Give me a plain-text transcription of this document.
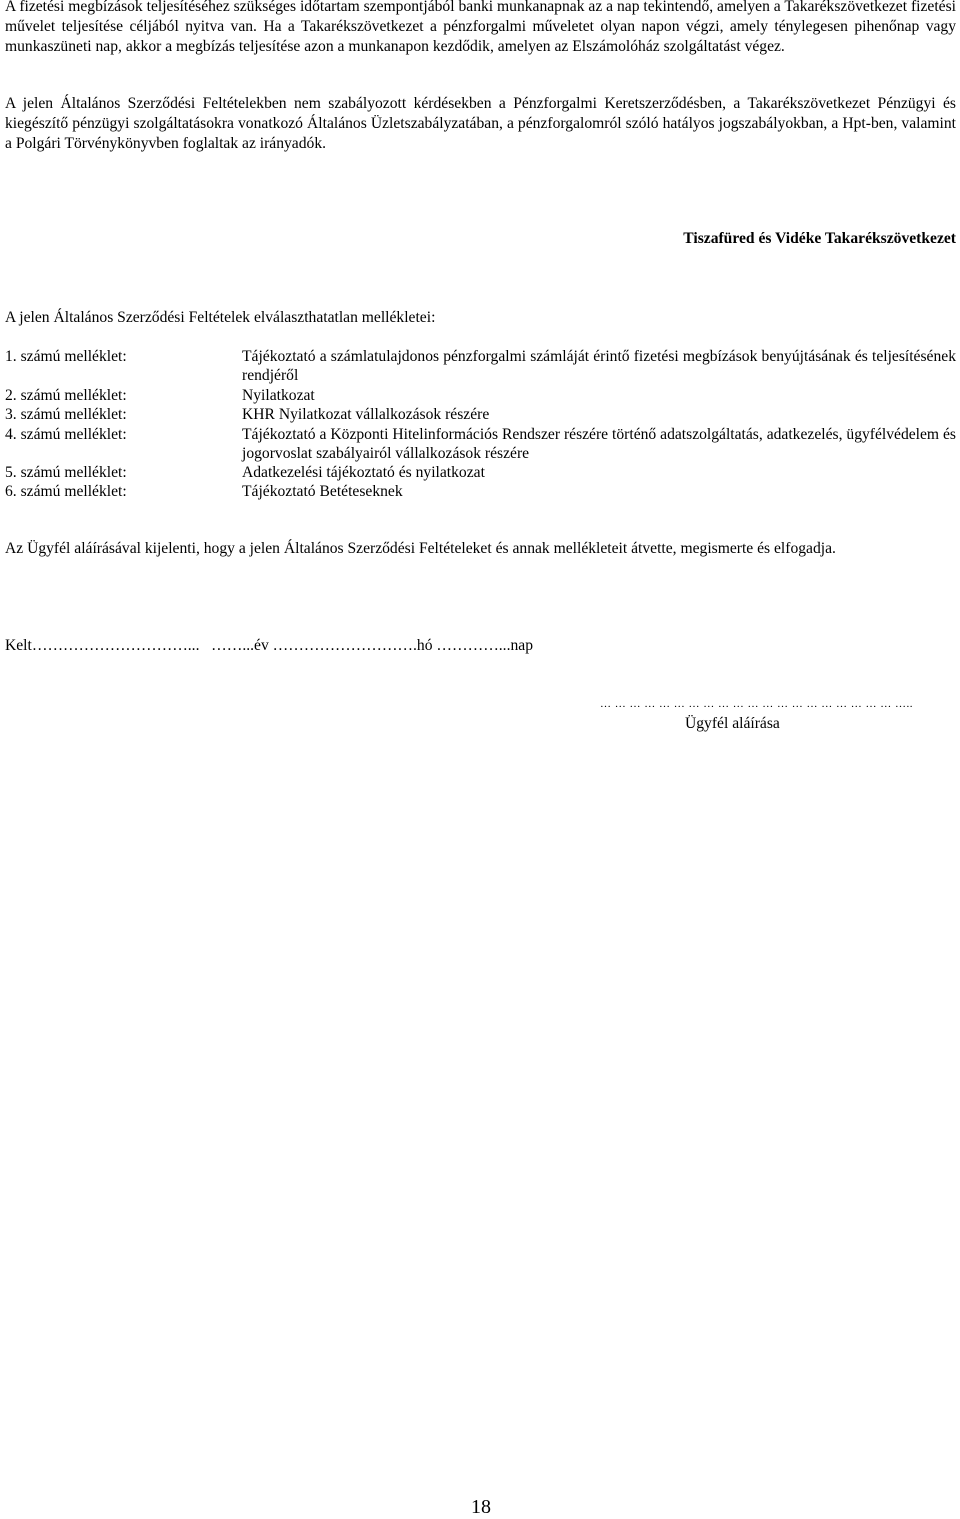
A fizetési megbízások teljesítéséhez szükséges időtartam szempontjából banki munkanapnak az a nap tekintendő, amelyen a Takarékszövetkezet fizetési művelet teljesítése céljából nyitva van. Ha a Takarékszövetkezet a pénzforgalmi műveletet olyan napon végzi, amely ténylegesen pihenőnap vagy munkaszüneti nap, akkor a megbízás teljesítése azon a munkanapon kezdődik, amelyen az Elszámolóház szolgáltatást végez.

A jelen Általános Szerződési Feltételekben nem szabályozott kérdésekben a Pénzforgalmi Keretszerződésben, a Takarékszövetkezet Pénzügyi és kiegészítő pénzügyi szolgáltatásokra vonatkozó Általános Üzletszabályzatában, a pénzforgalomról szóló hatályos jogszabályokban, a Hpt-ben, valamint a Polgári Törvénykönyvben foglaltak az irányadók.

Tiszafüred és Vidéke Takarékszövetkezet

A jelen Általános Szerződési Feltételek elválaszthatatlan mellékletei:

1. számú melléklet:	Tájékoztató a számlatulajdonos pénzforgalmi számláját érintő fizetési megbízások benyújtásának és teljesítésének rendjéről
2. számú melléklet:	Nyilatkozat
3. számú melléklet:	KHR Nyilatkozat vállalkozások részére
4. számú melléklet:	Tájékoztató a Központi Hitelinformációs Rendszer részére történő adatszolgáltatás, adatkezelés, ügyfélvédelem és jogorvoslat szabályairól vállalkozások részére
5. számú melléklet:	Adatkezelési tájékoztató és nyilatkozat
6. számú melléklet:	Tájékoztató Betéteseknek

Az Ügyfél aláírásával kijelenti, hogy a jelen Általános Szerződési Feltételeket és annak mellékleteit átvette, megismerte és elfogadja.

Kelt…………………………...   ……...év ……………………….hó …………...nap

… … … … … … … … … … … … … … … … … … … … …..

Ügyfél aláírása

18
